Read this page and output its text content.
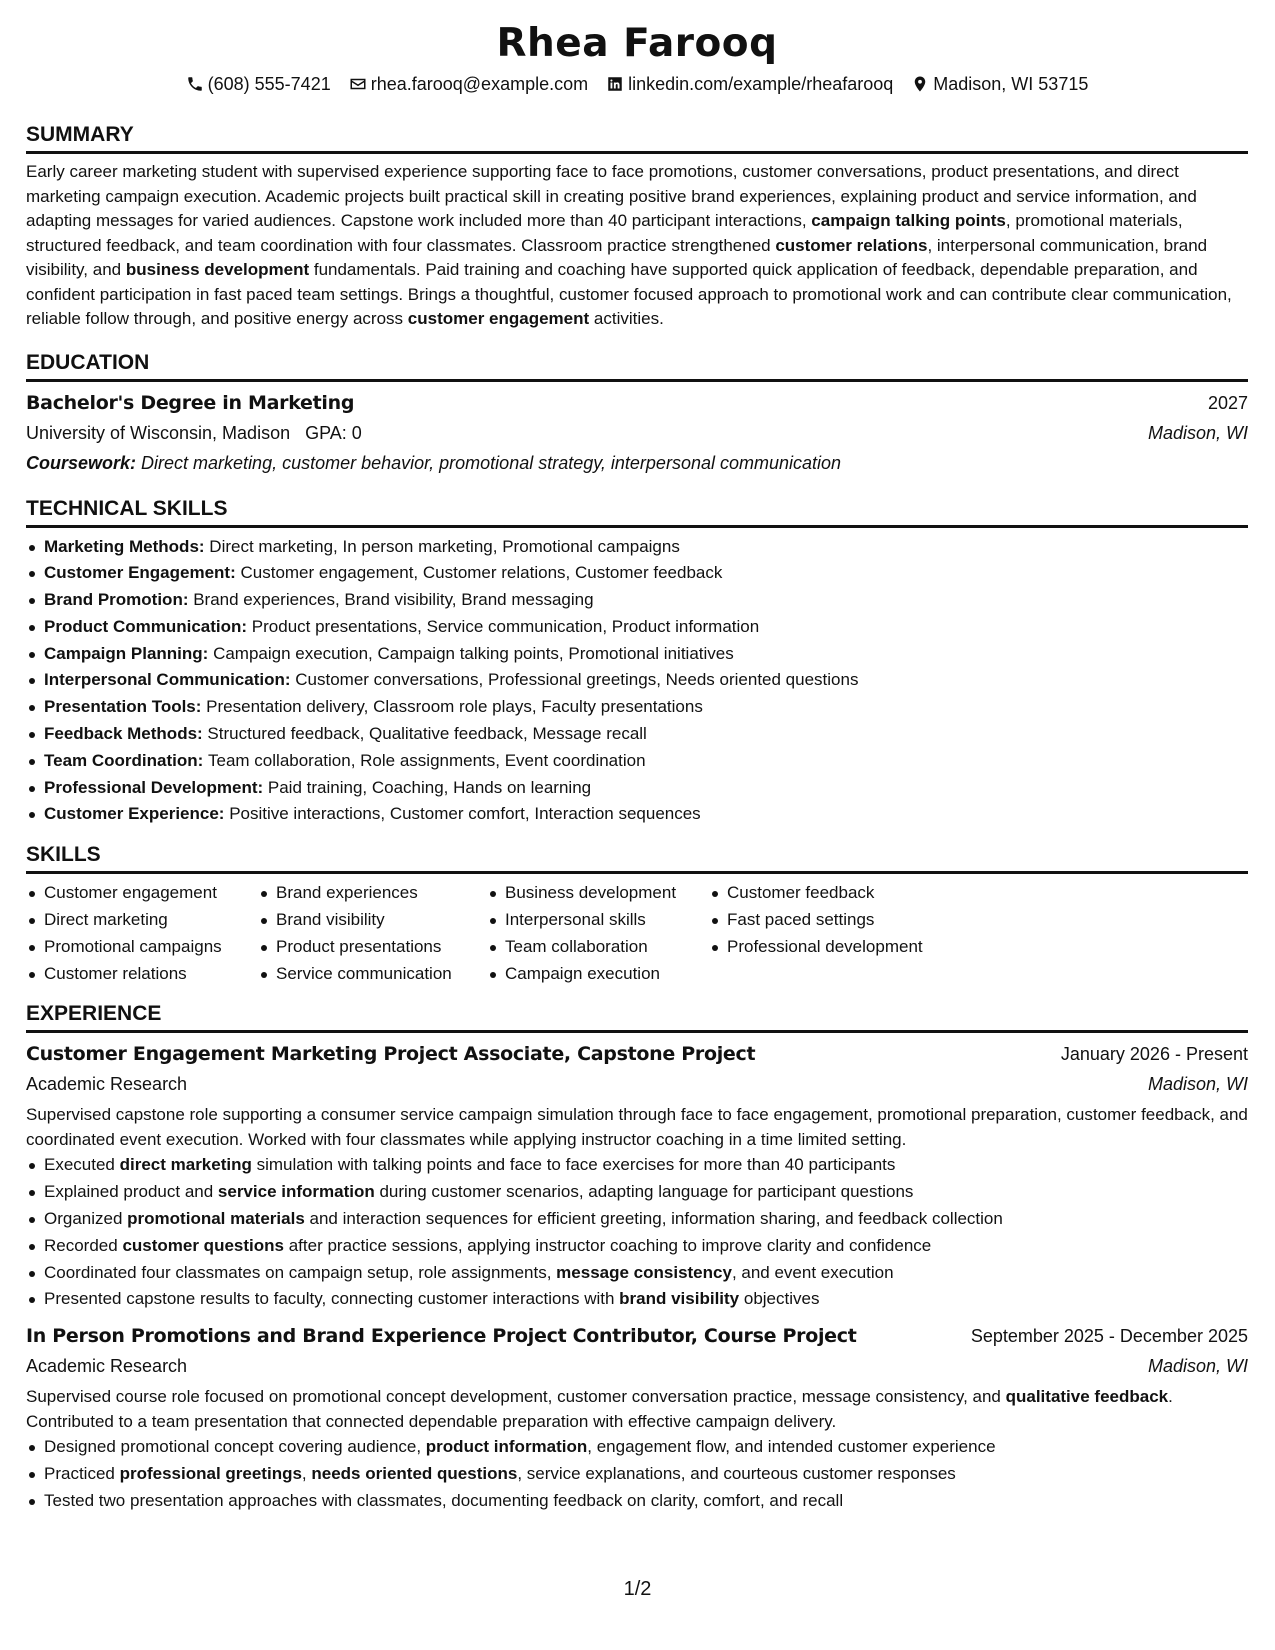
Rhea Farooq
(608) 555-7421 rhea.farooq@example.com linkedin.com/example/rheafarooq Madison, WI 53715
SUMMARY

Early career marketing student with supervised experience supporting face to face promotions, customer conversations, product presentations, and direct marketing campaign execution. Academic projects built practical skill in creating positive brand experiences, explaining product and service information, and adapting messages for varied audiences. Capstone work included more than 40 participant interactions, campaign talking points, promotional materials, structured feedback, and team coordination with four classmates. Classroom practice strengthened customer relations, interpersonal communication, brand visibility, and business development fundamentals. Paid training and coaching have supported quick application of feedback, dependable preparation, and confident participation in fast paced team settings. Brings a thoughtful, customer focused approach to promotional work and can contribute clear communication, reliable follow through, and positive energy across customer engagement activities.

EDUCATION
Bachelor's Degree in Marketing	2027
University of Wisconsin, Madison GPA: 0	Madison, WI
Coursework: Direct marketing, customer behavior, promotional strategy, interpersonal communication
TECHNICAL SKILLS
Marketing Methods: Direct marketing, In person marketing, Promotional campaigns
Customer Engagement: Customer engagement, Customer relations, Customer feedback
Brand Promotion: Brand experiences, Brand visibility, Brand messaging
Product Communication: Product presentations, Service communication, Product information
Campaign Planning: Campaign execution, Campaign talking points, Promotional initiatives
Interpersonal Communication: Customer conversations, Professional greetings, Needs oriented questions
Presentation Tools: Presentation delivery, Classroom role plays, Faculty presentations
Feedback Methods: Structured feedback, Qualitative feedback, Message recall
Team Coordination: Team collaboration, Role assignments, Event coordination
Professional Development: Paid training, Coaching, Hands on learning
Customer Experience: Positive interactions, Customer comfort, Interaction sequences
SKILLS
Customer engagement
Direct marketing
Promotional campaigns
Customer relations
Brand experiences
Brand visibility
Product presentations
Service communication
Business development
Interpersonal skills
Team collaboration
Campaign execution
Customer feedback
Fast paced settings
Professional development
EXPERIENCE
Customer Engagement Marketing Project Associate, Capstone Project	January 2026 - Present
Academic Research	Madison, WI

Supervised capstone role supporting a consumer service campaign simulation through face to face engagement, promotional preparation, customer feedback, and coordinated event execution. Worked with four classmates while applying instructor coaching in a time limited setting.

Executed direct marketing simulation with talking points and face to face exercises for more than 40 participants
Explained product and service information during customer scenarios, adapting language for participant questions
Organized promotional materials and interaction sequences for efficient greeting, information sharing, and feedback collection
Recorded customer questions after practice sessions, applying instructor coaching to improve clarity and confidence
Coordinated four classmates on campaign setup, role assignments, message consistency, and event execution
Presented capstone results to faculty, connecting customer interactions with brand visibility objectives
In Person Promotions and Brand Experience Project Contributor, Course Project	September 2025 - December 2025
Academic Research	Madison, WI

Supervised course role focused on promotional concept development, customer conversation practice, message consistency, and qualitative feedback. Contributed to a team presentation that connected dependable preparation with effective campaign delivery.

Designed promotional concept covering audience, product information, engagement flow, and intended customer experience
Practiced professional greetings, needs oriented questions, service explanations, and courteous customer responses
Tested two presentation approaches with classmates, documenting feedback on clarity, comfort, and recall
1/2
